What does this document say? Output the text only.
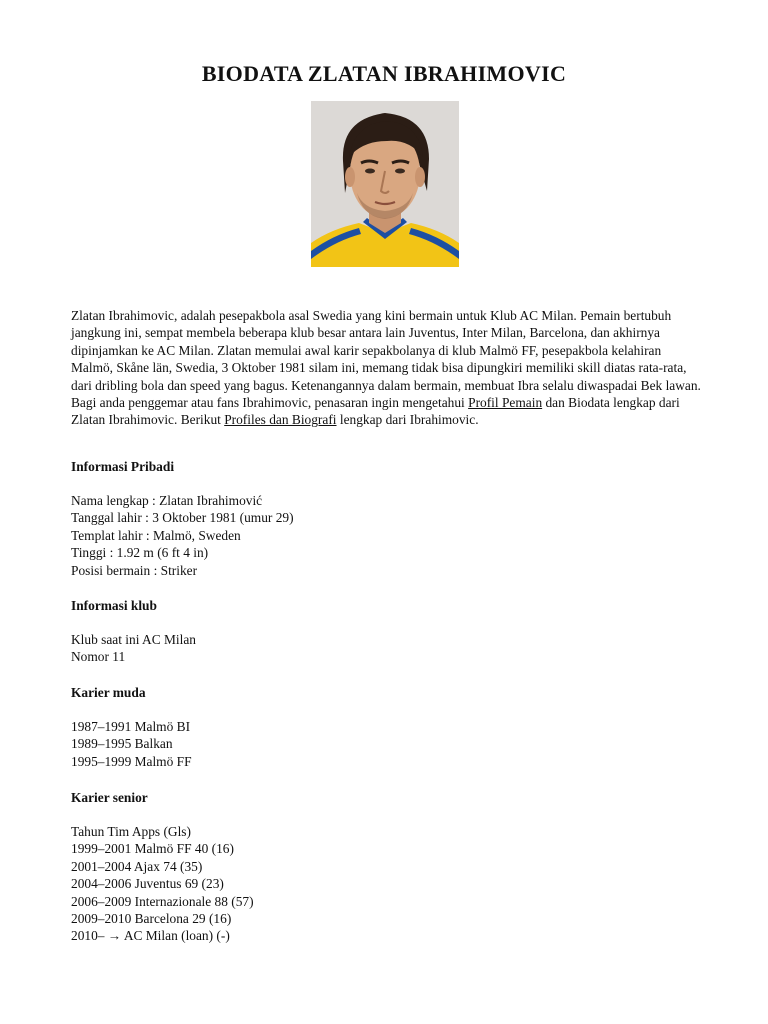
BIODATA ZLATAN IBRAHIMOVIC

Zlatan Ibrahimovic, adalah pesepakbola asal Swedia yang kini bermain untuk Klub AC Milan. Pemain bertubuh jangkung ini, sempat membela beberapa klub besar antara lain Juventus, Inter Milan, Barcelona, dan akhirnya dipinjamkan ke AC Milan. Zlatan memulai awal karir sepakbolanya di klub Malmö FF, pesepakbola kelahiran Malmö, Skåne län, Swedia, 3 Oktober 1981 silam ini, memang tidak bisa dipungkiri memiliki skill diatas rata-rata, dari dribling bola dan speed yang bagus. Ketenangannya dalam bermain, membuat Ibra selalu diwaspadai Bek lawan. Bagi anda penggemar atau fans Ibrahimovic, penasaran ingin mengetahui Profil Pemain dan Biodata lengkap dari Zlatan Ibrahimovic. Berikut Profiles dan Biografi lengkap dari Ibrahimovic.

Informasi Pribadi

Nama lengkap : Zlatan Ibrahimović
Tanggal lahir : 3 Oktober 1981 (umur 29)
Templat lahir : Malmö, Sweden
Tinggi : 1.92 m (6 ft 4 in)
Posisi bermain : Striker

Informasi klub

Klub saat ini AC Milan
Nomor 11

Karier muda

1987–1991 Malmö BI
1989–1995 Balkan
1995–1999 Malmö FF

Karier senior

Tahun Tim Apps (Gls)
1999–2001 Malmö FF 40 (16)
2001–2004 Ajax 74 (35)
2004–2006 Juventus 69 (23)
2006–2009 Internazionale 88 (57)
2009–2010 Barcelona 29 (16)
2010– → AC Milan (loan) (-)
